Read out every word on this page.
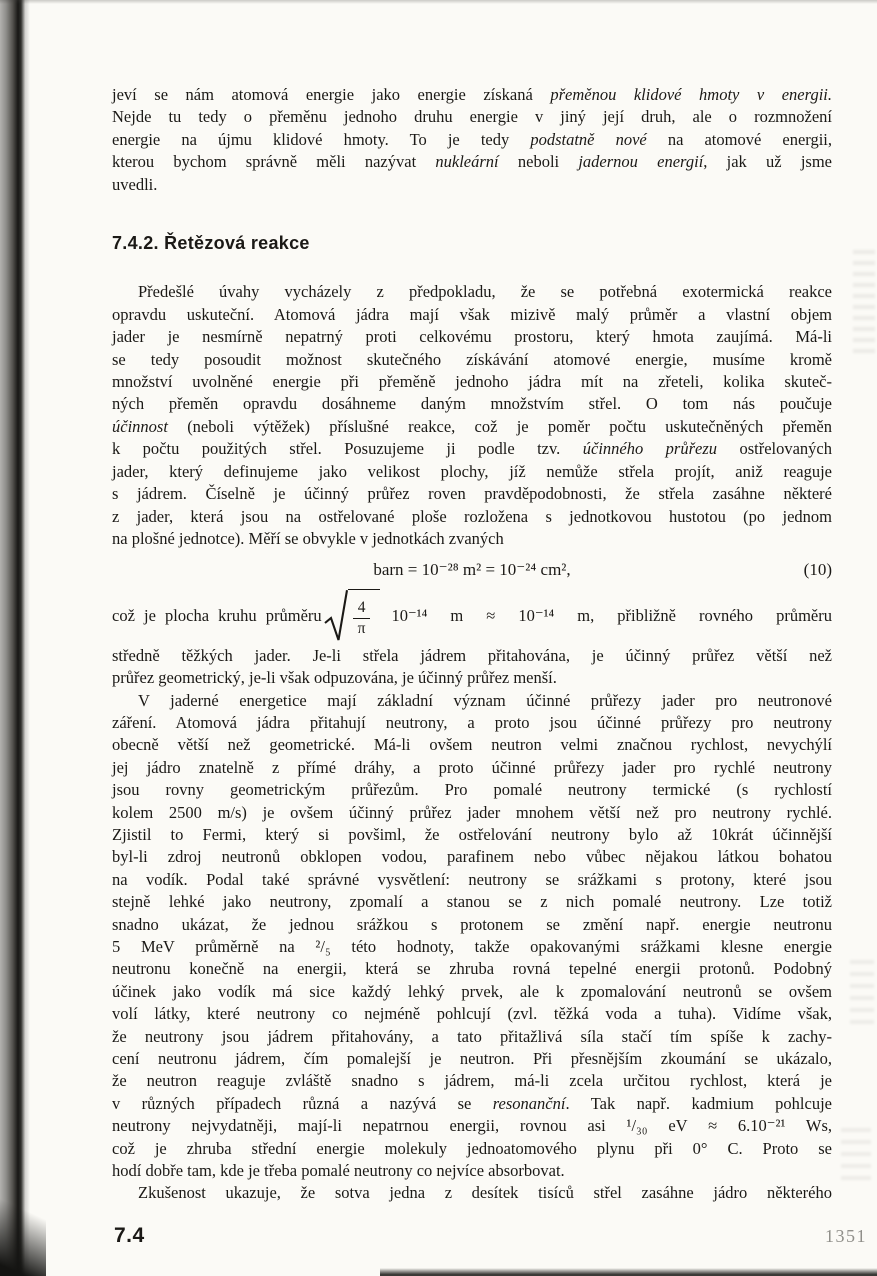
jeví se nám atomová energie jako energie získaná přeměnou klidové hmoty v energii.
Nejde tu tedy o přeměnu jednoho druhu energie v jiný její druh, ale o rozmnožení
energie na újmu klidové hmoty. To je tedy podstatně nové na atomové energii,
kterou bychom správně měli nazývat nukleární neboli jadernou energií, jak už jsme
uvedli.
7.4.2. Řetězová reakce
Předešlé úvahy vycházely z předpokladu, že se potřebná exotermická reakce
opravdu uskuteční. Atomová jádra mají však mizivě malý průměr a vlastní objem
jader je nesmírně nepatrný proti celkovému prostoru, který hmota zaujímá. Má-li
se tedy posoudit možnost skutečného získávání atomové energie, musíme kromě
množství uvolněné energie při přeměně jednoho jádra mít na zřeteli, kolika skuteč-
ných přeměn opravdu dosáhneme daným množstvím střel. O tom nás poučuje
účinnost (neboli výtěžek) příslušné reakce, což je poměr počtu uskutečněných přeměn
k počtu použitých střel. Posuzujeme ji podle tzv. účinného průřezu ostřelovaných
jader, který definujeme jako velikost plochy, jíž nemůže střela projít, aniž reaguje
s jádrem. Číselně je účinný průřez roven pravděpodobnosti, že střela zasáhne některé
z jader, která jsou na ostřelované ploše rozložena s jednotkovou hustotou (po jednom
na plošné jednotce). Měří se obvykle v jednotkách zvaných
barn = 10⁻²⁸ m² = 10⁻²⁴ cm²,	(10)
což je plocha kruhu průměru $\frac{4}{\pi} 10^{-14}$ m ≈ 10⁻¹⁴ m, přibližně rovného průměru
středně těžkých jader. Je-li střela jádrem přitahována, je účinný průřez větší než
průřez geometrický, je-li však odpuzována, je účinný průřez menší.
V jaderné energetice mají základní význam účinné průřezy jader pro neutronové
záření. Atomová jádra přitahují neutrony, a proto jsou účinné průřezy pro neutrony
obecně větší než geometrické. Má-li ovšem neutron velmi značnou rychlost, nevychýlí
jej jádro znatelně z přímé dráhy, a proto účinné průřezy jader pro rychlé neutrony
jsou rovny geometrickým průřezům. Pro pomalé neutrony termické (s rychlostí
kolem 2500 m/s) je ovšem účinný průřez jader mnohem větší než pro neutrony rychlé.
Zjistil to Fermi, který si povšiml, že ostřelování neutrony bylo až 10krát účinnější
byl-li zdroj neutronů obklopen vodou, parafinem nebo vůbec nějakou látkou bohatou
na vodík. Podal také správné vysvětlení: neutrony se srážkami s protony, které jsou
stejně lehké jako neutrony, zpomalí a stanou se z nich pomalé neutrony. Lze totiž
snadno ukázat, že jednou srážkou s protonem se změní např. energie neutronu
5 MeV průměrně na ²/₅ této hodnoty, takže opakovanými srážkami klesne energie
neutronu konečně na energii, která se zhruba rovná tepelné energii protonů. Podobný
účinek jako vodík má sice každý lehký prvek, ale k zpomalování neutronů se ovšem
volí látky, které neutrony co nejméně pohlcují (zvl. těžká voda a tuha). Vidíme však,
že neutrony jsou jádrem přitahovány, a tato přitažlivá síla stačí tím spíše k zachy-
cení neutronu jádrem, čím pomalejší je neutron. Při přesnějším zkoumání se ukázalo,
že neutron reaguje zvláště snadno s jádrem, má-li zcela určitou rychlost, která je
v různých případech různá a nazývá se resonanční. Tak např. kadmium pohlcuje
neutrony nejvydatněji, mají-li nepatrnou energii, rovnou asi ¹/₃₀ eV ≈ 6.10⁻²¹ Ws,
což je zhruba střední energie molekuly jednoatomového plynu při 0° C. Proto se
hodí dobře tam, kde je třeba pomalé neutrony co nejvíce absorbovat.
Zkušenost ukazuje, že sotva jedna z desítek tisíců střel zasáhne jádro některého
7.4	1351
